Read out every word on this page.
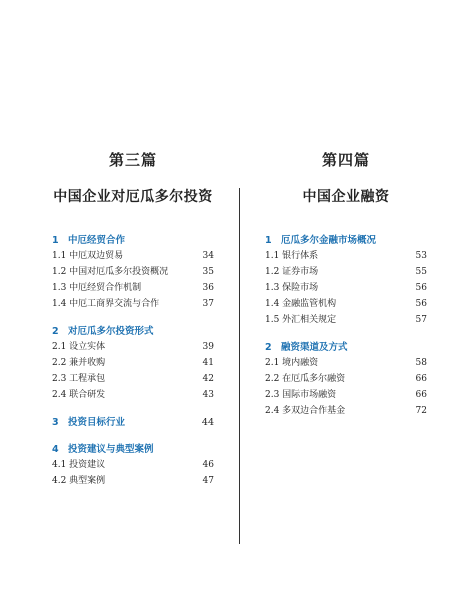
第三篇
中国企业对厄瓜多尔投资
1 中厄经贸合作
1.1 中厄双边贸易	34
1.2 中国对厄瓜多尔投资概况	35
1.3 中厄经贸合作机制	36
1.4 中厄工商界交流与合作	37
2 对厄瓜多尔投资形式
2.1 设立实体	39
2.2 兼并收购	41
2.3 工程承包	42
2.4 联合研发	43
3 投资目标行业	44
4 投资建议与典型案例
4.1 投资建议	46
4.2 典型案例	47
第四篇
中国企业融资
1 厄瓜多尔金融市场概况
1.1 银行体系	53
1.2 证券市场	55
1.3 保险市场	56
1.4 金融监管机构	56
1.5 外汇相关规定	57
2 融资渠道及方式
2.1 境内融资	58
2.2 在厄瓜多尔融资	66
2.3 国际市场融资	66
2.4 多双边合作基金	72
